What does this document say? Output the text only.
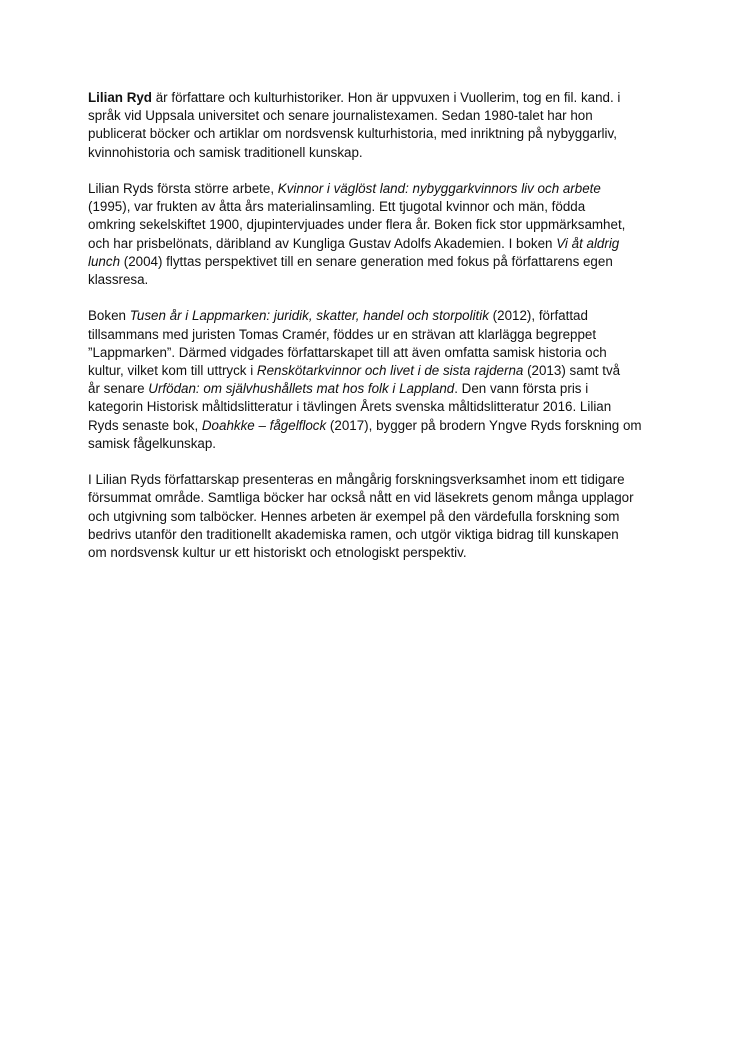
Lilian Ryd är författare och kulturhistoriker. Hon är uppvuxen i Vuollerim, tog en fil. kand. i
språk vid Uppsala universitet och senare journalistexamen. Sedan 1980-talet har hon
publicerat böcker och artiklar om nordsvensk kulturhistoria, med inriktning på nybyggarliv,
kvinnohistoria och samisk traditionell kunskap.
Lilian Ryds första större arbete, Kvinnor i väglöst land: nybyggarkvinnors liv och arbete
(1995), var frukten av åtta års materialinsamling. Ett tjugotal kvinnor och män, födda
omkring sekelskiftet 1900, djupintervjuades under flera år. Boken fick stor uppmärksamhet,
och har prisbelönats, däribland av Kungliga Gustav Adolfs Akademien. I boken Vi åt aldrig
lunch (2004) flyttas perspektivet till en senare generation med fokus på författarens egen
klassresa.
Boken Tusen år i Lappmarken: juridik, skatter, handel och storpolitik (2012), författad
tillsammans med juristen Tomas Cramér, föddes ur en strävan att klarlägga begreppet
”Lappmarken”. Därmed vidgades författarskapet till att även omfatta samisk historia och
kultur, vilket kom till uttryck i Renskötarkvinnor och livet i de sista rajderna (2013) samt två
år senare Urfödan: om självhushållets mat hos folk i Lappland. Den vann första pris i
kategorin Historisk måltidslitteratur i tävlingen Årets svenska måltidslitteratur 2016. Lilian
Ryds senaste bok, Doahkke – fågelflock (2017), bygger på brodern Yngve Ryds forskning om
samisk fågelkunskap.
I Lilian Ryds författarskap presenteras en mångårig forskningsverksamhet inom ett tidigare
försummat område. Samtliga böcker har också nått en vid läsekrets genom många upplagor
och utgivning som talböcker. Hennes arbeten är exempel på den värdefulla forskning som
bedrivs utanför den traditionellt akademiska ramen, och utgör viktiga bidrag till kunskapen
om nordsvensk kultur ur ett historiskt och etnologiskt perspektiv.
